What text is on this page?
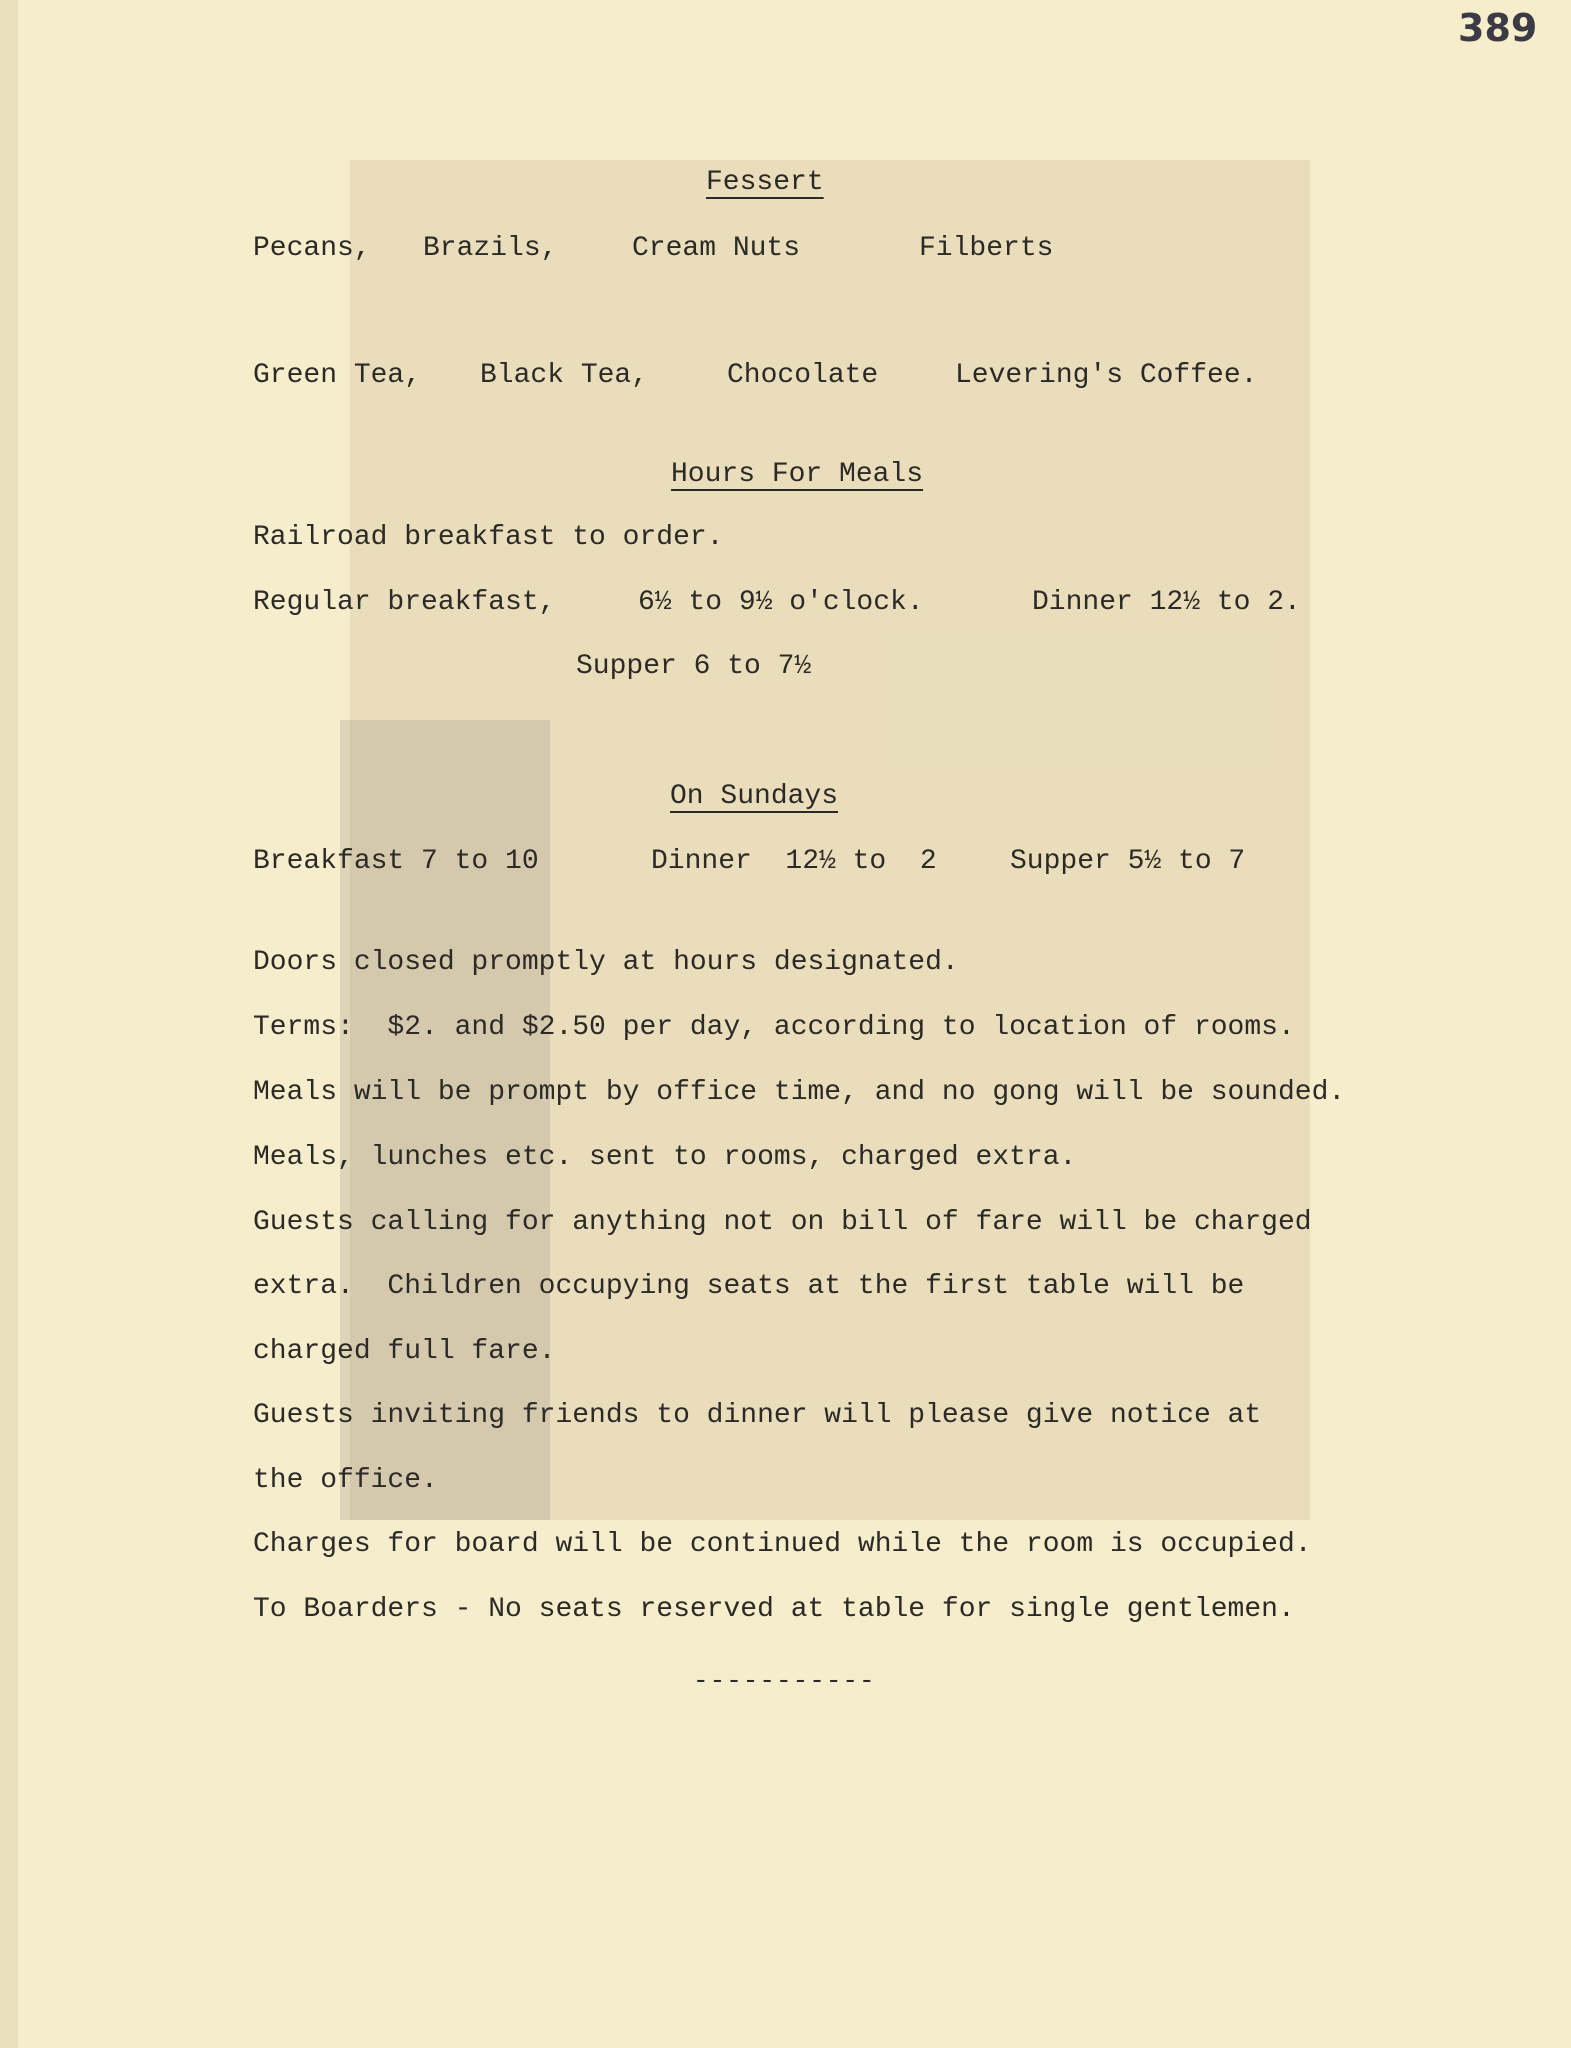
389
Fessert
Pecans, Brazils,	Cream Nuts	Filberts
Green Tea, Black Tea,	Chocolate	Levering's Coffee.
Hours For Meals
Railroad breakfast to order.
Regular breakfast,	6½ to 9½ o'clock.	Dinner 12½ to 2.
Supper 6 to 7½
On Sundays
Breakfast 7 to 10	Dinner  12½ to  2	Supper 5½ to 7
Doors closed promptly at hours designated.
Terms:  $2. and $2.50 per day, according to location of rooms.
Meals will be prompt by office time, and no gong will be sounded.
Meals, lunches etc. sent to rooms, charged extra.
Guests calling for anything not on bill of fare will be charged
extra.  Children occupying seats at the first table will be
charged full fare.
Guests inviting friends to dinner will please give notice at
the office.
Charges for board will be continued while the room is occupied.
To Boarders - No seats reserved at table for single gentlemen.
-----------
